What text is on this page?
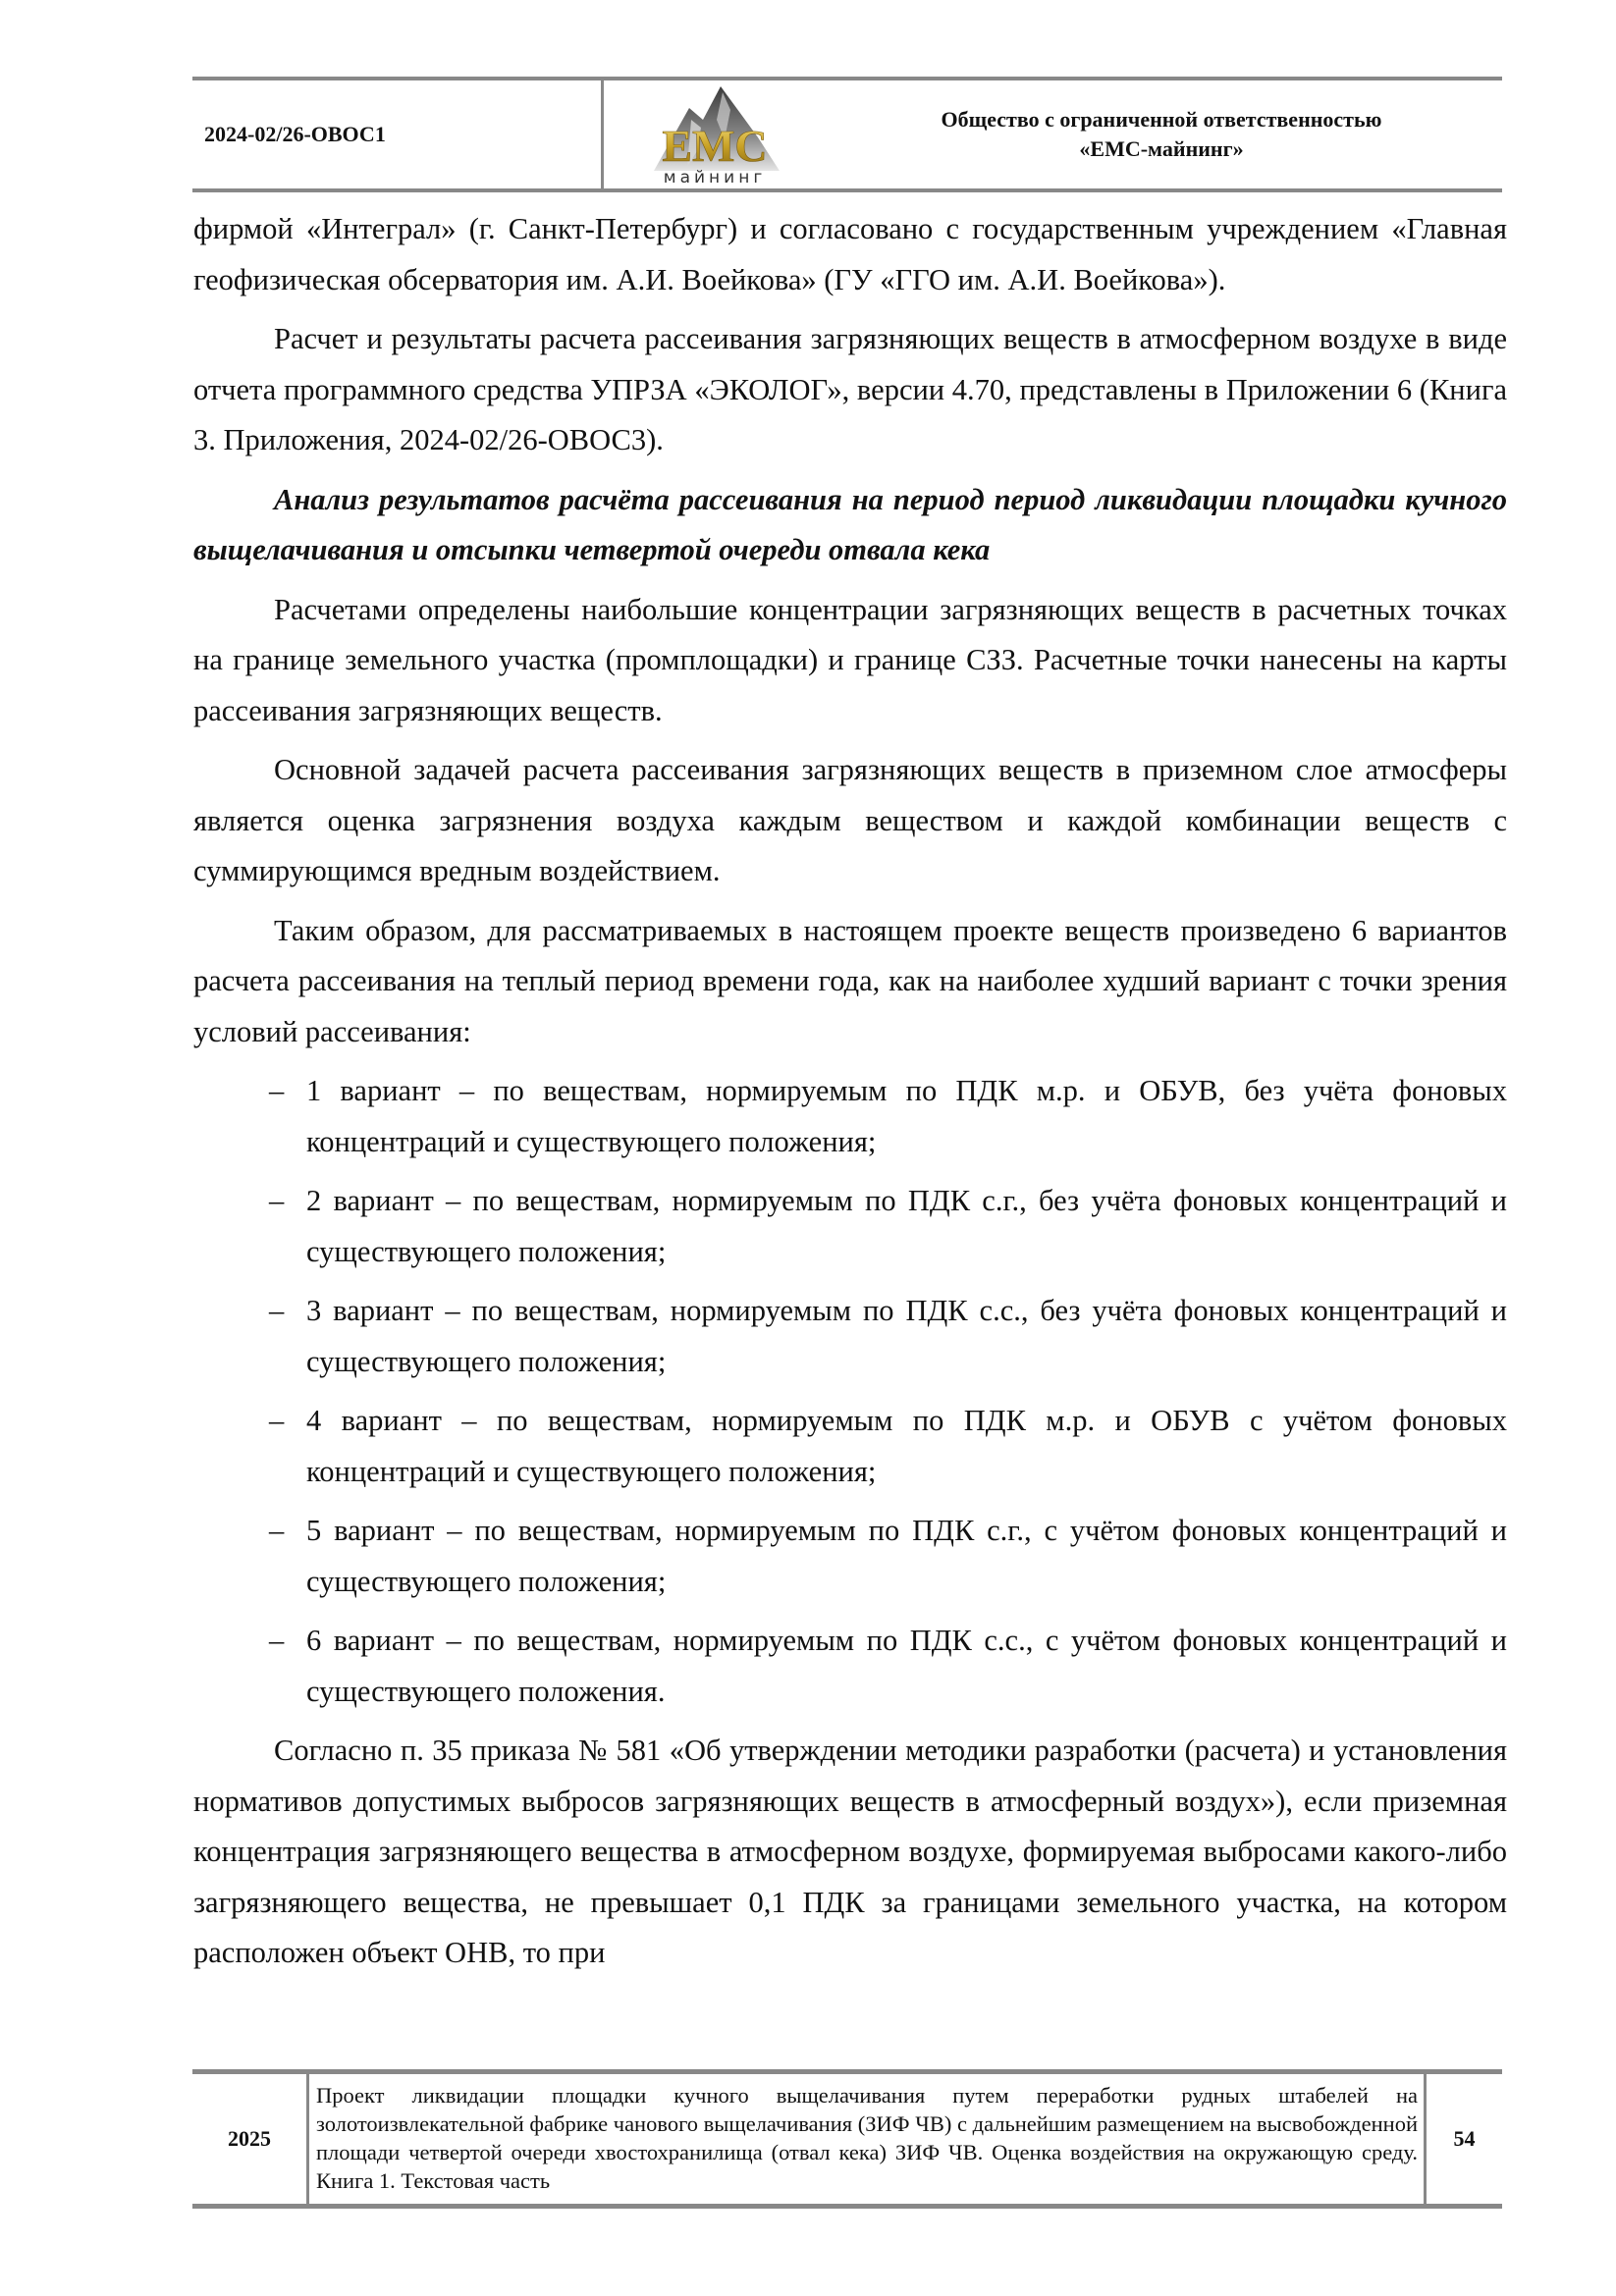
2024-02/26-ОВОС1	EMC
майнинг
Общество с ограниченной ответственностью
«ЕМС-майнинг»

фирмой «Интеграл» (г. Санкт-Петербург) и согласовано с государственным учреждением «Главная геофизическая обсерватория им. А.И. Воейкова» (ГУ «ГГО им. А.И. Воейкова»).

Расчет и результаты расчета рассеивания загрязняющих веществ в атмосферном воздухе в виде отчета программного средства УПРЗА «ЭКОЛОГ», версии 4.70, представлены в Приложении 6 (Книга 3. Приложения, 2024-02/26-ОВОС3).

Анализ результатов расчёта рассеивания на период период ликвидации площадки кучного выщелачивания и отсыпки четвертой очереди отвала кека

Расчетами определены наибольшие концентрации загрязняющих веществ в расчетных точках на границе земельного участка (промплощадки) и границе СЗЗ. Расчетные точки нанесены на карты рассеивания загрязняющих веществ.

Основной задачей расчета рассеивания загрязняющих веществ в приземном слое атмосферы является оценка загрязнения воздуха каждым веществом и каждой комбинации веществ с суммирующимся вредным воздействием.

Таким образом, для рассматриваемых в настоящем проекте веществ произведено 6 вариантов расчета рассеивания на теплый период времени года, как на наиболее худший вариант с точки зрения условий рассеивания:

– 1 вариант – по веществам, нормируемым по ПДК м.р. и ОБУВ, без учёта фоновых концентраций и существующего положения;
– 2 вариант – по веществам, нормируемым по ПДК с.г., без учёта фоновых концентраций и существующего положения;
– 3 вариант – по веществам, нормируемым по ПДК с.с., без учёта фоновых концентраций и существующего положения;
– 4 вариант – по веществам, нормируемым по ПДК м.р. и ОБУВ с учётом фоновых концентраций и существующего положения;
– 5 вариант – по веществам, нормируемым по ПДК с.г., с учётом фоновых концентраций и существующего положения;
– 6 вариант – по веществам, нормируемым по ПДК с.с., с учётом фоновых концентраций и существующего положения.

Согласно п. 35 приказа № 581 «Об утверждении методики разработки (расчета) и установления нормативов допустимых выбросов загрязняющих веществ в атмосферный воздух»), если приземная концентрация загрязняющего вещества в атмосферном воздухе, формируемая выбросами какого-либо загрязняющего вещества, не превышает 0,1 ПДК за границами земельного участка, на котором расположен объект ОНВ, то при

2025
Проект ликвидации площадки кучного выщелачивания путем переработки рудных штабелей на золотоизвлекательной фабрике чанового выщелачивания (ЗИФ ЧВ) с дальнейшим размещением на высвобожденной площади четвертой очереди хвостохранилища (отвал кека) ЗИФ ЧВ. Оценка воздействия на окружающую среду. Книга 1. Текстовая часть
54
